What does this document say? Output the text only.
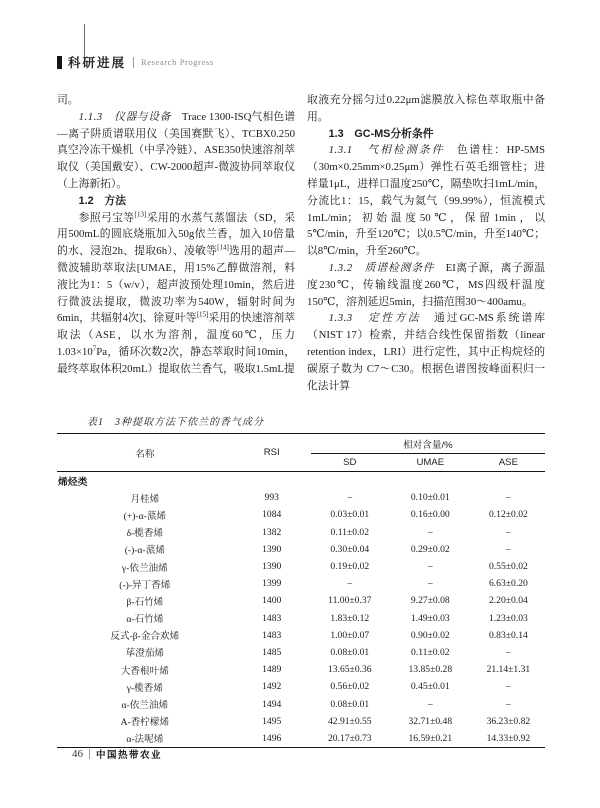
科研进展 Research Progress

司。

1.1.3　仪器与设备　Trace 1300-ISQ气相色谱—离子阱质谱联用仪（美国赛默飞）、TCBX0.250真空冷冻干燥机（中孚冷链）、ASE350快速溶剂萃取仪（美国戴安）、CW-2000超声-微波协同萃取仪（上海新拓）。

1.2　方法

参照弓宝等[13]采用的水蒸气蒸馏法（SD，采用500mL的圆底烧瓶加入50g依兰香，加入10倍量的水、浸泡2h、提取6h）、凌敏等[14]选用的超声—微波辅助萃取法[UMAE，用15%乙醇做溶剂，料液比为1：5（w/v），超声波预处理10min，然后进行微波法提取，微波功率为540W，辐射时间为6min，共辐射4次]、徐夏叶等[15]采用的快速溶剂萃取法（ASE，以水为溶剂，温度60℃，压力$1.03\times 10^7Pa$，循环次数2次，静态萃取时间10min，最终萃取体积20mL）提取依兰香气，吸取1.5mL提

取液充分摇匀过0.22μm滤膜放入棕色萃取瓶中备用。

1.3　GC-MS分析条件

1.3.1　气相检测条件　色谱柱：HP-5MS（30m×0.25mm×0.25μm）弹性石英毛细管柱；进样量1μL，进样口温度250℃，隔垫吹扫1mL/min，分流比1：15，载气为氦气（99.99%），恒流模式1mL/min；初始温度50℃，保留1min，以5℃/min，升至120℃；以0.5℃/min，升至140℃；以8℃/min，升至260℃。

1.3.2　质谱检测条件　EI离子源，离子源温度230℃，传输线温度260℃，MS四级杆温度150℃，溶剂延迟5min，扫描范围30～400amu。

1.3.3　定性方法　通过GC-MS系统谱库（NIST 17）检索，并结合线性保留指数（linear retention index，LRI）进行定性，其中正构烷烃的碳原子数为 C7～C30。根据色谱图按峰面积归一化法计算

表1　3种提取方法下依兰的香气成分
名称	RSI	相对含量/%		
		SD	UMAE	ASE
烯烃类				
月桂烯	993	–	0.10±0.01	–
(+)-α-蒎烯	1084	0.03±0.01	0.16±0.00	0.12±0.02
δ-榄香烯	1382	0.11±0.02	–	–
(-)-α-蒎烯	1390	0.30±0.04	0.29±0.02	–
γ-依兰油烯	1390	0.19±0.02	–	0.55±0.02
(-)-异丁香烯	1399	–	–	6.63±0.20
β-石竹烯	1400	11.00±0.37	9.27±0.08	2.20±0.04
α-石竹烯	1483	1.83±0.12	1.49±0.03	1.23±0.03
反式-β-金合欢烯	1483	1.00±0.07	0.90±0.02	0.83±0.14
荜澄茄烯	1485	0.08±0.01	0.11±0.02	–
大香根叶烯	1489	13.65±0.36	13.85±0.28	21.14±1.31
γ-榄香烯	1492	0.56±0.02	0.45±0.01	–
α-依兰油烯	1494	0.08±0.01	–	–
A-香柠檬烯	1495	42.91±0.55	32.71±0.48	36.23±0.82
α-法呢烯	1496	20.17±0.73	16.59±0.21	14.33±0.92
46 中国热带农业
